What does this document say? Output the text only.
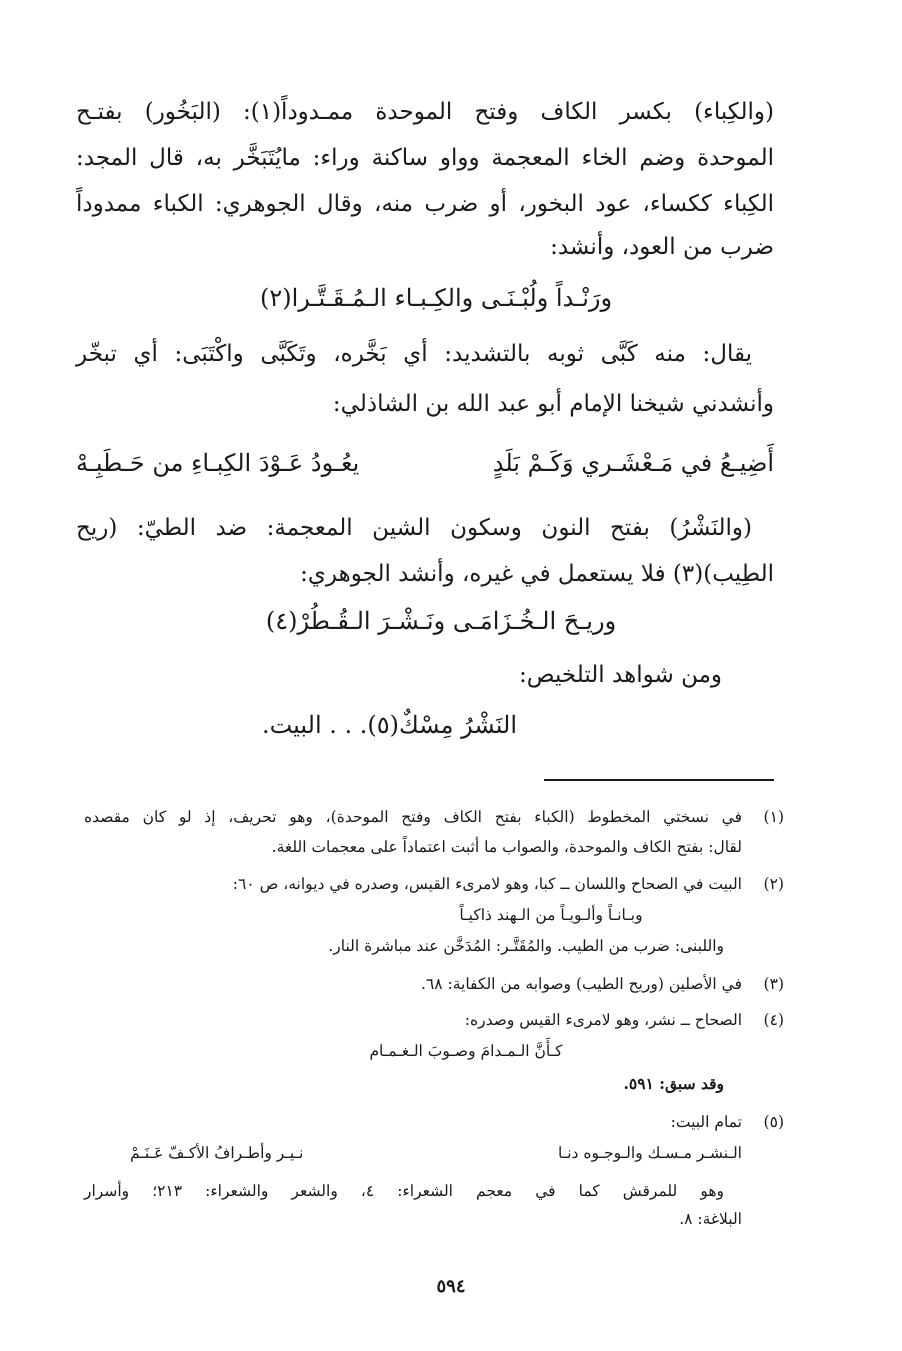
(والكِباء) بكسر الكاف وفتح الموحدة ممـدوداً(١): (البَخُور) بفتـح
الموحدة وضم الخاء المعجمة وواو ساكنة وراء: مايُتَبَخَّر به، قال المجد:
الكِباء ككساء، عود البخور، أو ضرب منه، وقال الجوهري: الكباء ممدوداً
ضرب من العود، وأنشد:
ورَنْـداً ولُبْـنَـى والكِـبـاء الـمُـقَـتَّـرا(٢)
يقال: منه كَبَّى ثوبه بالتشديد: أي بَخَّره، وتَكَبَّى واكْتَبَى: أي تبخّر
وأنشدني شيخنا الإمام أبو عبد الله بن الشاذلي:
أَضِيـعُ في مَـعْشَـري وَكَـمْ بَلَدٍ
يعُـودُ عَـوْدَ الكِبـاءِ من حَـطَبِـهْ
(والنَشْرُ) بفتح النون وسكون الشين المعجمة: ضد الطيّ: (ريح
الطِيب)(٣) فلا يستعمل في غيره، وأنشد الجوهري:
وريـحَ الـخُـزَامَـى ونَـشْـرَ الـقُـطُرْ(٤)
ومن شواهد التلخيص:
النَشْرُ مِسْكٌ(٥). . . البيت.
(١)
في نسختي المخطوط (الكباء بفتح الكاف وفتح الموحدة)، وهو تحريف، إذ لو كان مقصده
لقال: بفتح الكاف والموحدة، والصواب ما أثبت اعتماداً على معجمات اللغة.
(٢)
البيت في الصحاح واللسان ــ كبا، وهو لامرىء القيس، وصدره في ديوانه، ص ٦٠:
وبـانـاً وألـويـاً من الـهند ذاكيـاً
واللبنى: ضرب من الطيب. والمُقَتَّـر: المُدَخَّن عند مباشرة النار.
(٣)
في الأصلين (وريح الطيب) وصوابه من الكفاية: ٦٨.
(٤)
الصحاح ــ نشر، وهو لامرىء القيس وصدره:
كـأَنَّ الـمـدامَ وصـوبَ الـغـمـام
وقد سبق: ٥٩١.
(٥)
تمام البيت:
الـنشـر مـسـك والـوجـوه دنـا
نـيـر وأطـرافُ الأكـفّ عَـنَـمْ
وهو للمرقش كما في معجم الشعراء: ٤، والشعر والشعراء: ٢١٣؛ وأسرار
البلاغة: ٨.
٥٩٤
